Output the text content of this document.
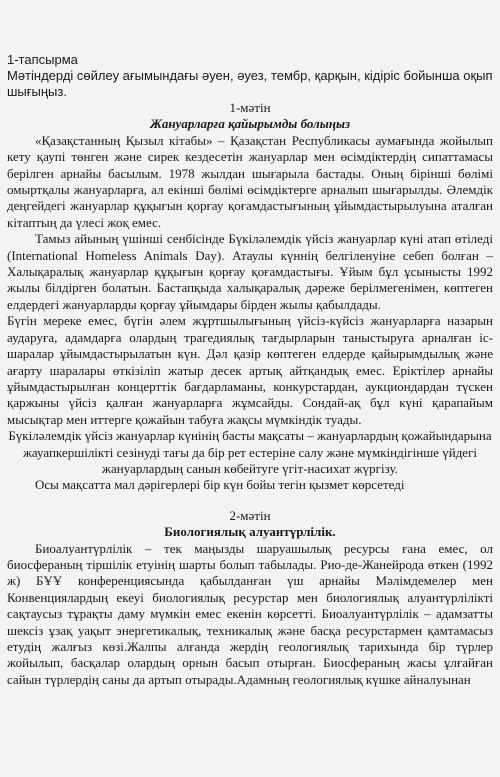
1-тапсырма

Мәтіндерді сөйлеу ағымындағы әуен, әуез, тембр, қарқын, кідіріс бойынша оқып шығыңыз.

1-мәтін

Жануарларға қайырымды болыңыз

«Қазақстанның Қызыл кітабы» – Қазақстан Республикасы аумағында жойылып кету қаупі төнген және сирек кездесетін жануарлар мен өсімдіктердің сипаттамасы берілген арнайы басылым. 1978 жылдан шығарыла бастады. Оның бірінші бөлімі омыртқалы жануарларға, ал екінші бөлімі өсімдіктерге арналып шығарылды. Әлемдік деңгейдегі жануарлар құқығын қорғау қоғамдастығының ұйымдастырылуына аталған кітаптың да үлесі жоқ емес.

Тамыз айының үшінші сенбісінде Бүкіләлемдік үйсіз жануарлар күні атап өтіледі (International Homeless Animals Day). Атаулы күннің белгіленуіне себеп болған – Халықаралық жануарлар құқығын қорғау қоғамдастығы. Ұйым бұл ұсынысты 1992 жылы білдірген болатын. Бастапқыда халықаралық дәреже берілмегенімен, көптеген елдердегі жануарларды қорғау ұйымдары бірден жылы қабылдады.

Бүгін мереке емес, бүгін әлем жұртшылығының үйсіз-күйсіз жануарларға назарын аударуға, адамдарға олардың трагедиялық тағдырларын таныстыруға арналған іс-шаралар ұйымдастырылатын күн. Дәл қазір көптеген елдерде қайырымдылық және ағарту шаралары өткізіліп жатыр десек артық айтқандық емес. Еріктілер арнайы ұйымдастырылған концерттік бағдарламаны, конкурстардан, аукциондардан түскен қаржыны үйсіз қалған жануарларға жұмсайды. Сондай-ақ бұл күні қарапайым мысықтар мен иттерге қожайын табуға жақсы мүмкіндік туады.

Бүкіләлемдік үйсіз жануарлар күнінің басты мақсаты – жануарлардың қожайындарына жауапкершілікті сезінуді тағы да бір рет естеріне салу және мүмкіндігінше үйдегі жануарлардың санын көбейтуге үгіт-насихат жүргізу.

Осы мақсатта мал дәрігерлері бір күн бойы тегін қызмет көрсетеді

2-мәтін

Биологиялық алуантүрлілік.

Биоалуантүрлілік – тек маңызды шаруашылық ресурсы ғана емес, ол биосфераның тіршілік етуінің шарты болып табылады. Рио-де-Жанейрода өткен (1992 ж) БҰҰ конференциясында қабылданған үш арнайы Мәлімдемелер мен Конвенциялардың екеуі биологиялық ресурстар мен биологиялық алуантүрлілікті сақтаусыз тұрақты даму мүмкін емес екенін көрсетті. Биоалуантүрлілік – адамзатты шексіз ұзақ уақыт энергетикалық, техникалық және басқа ресурстармен қамтамасыз етудің жалғыз көзі.Жалпы алғанда жердің геологиялық тарихында бір түрлер жойылып, басқалар олардың орнын басып отырған. Биосфераның жасы ұлғайған сайын түрлердің саны да артып отырады.Адамның геологиялық күшке айналуынан
